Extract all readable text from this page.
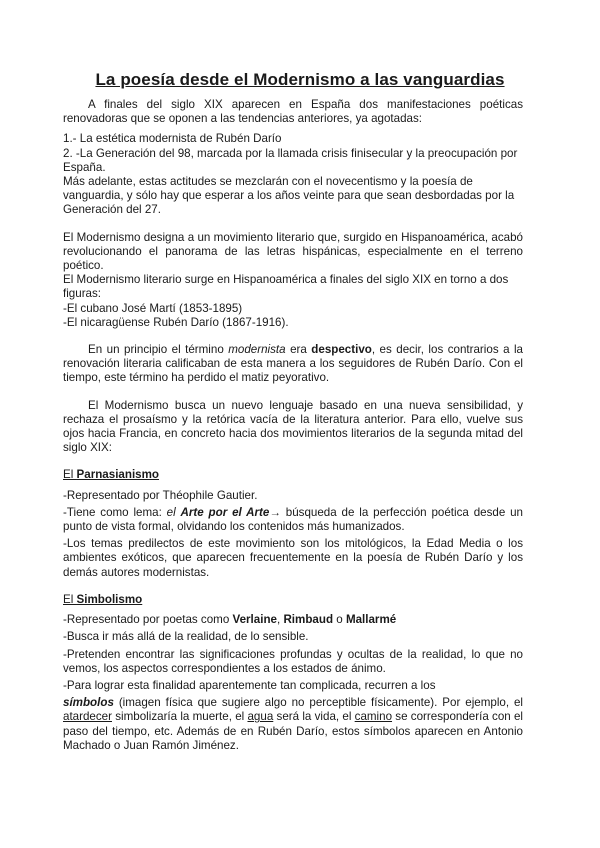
La poesía desde el Modernismo a las vanguardias

A finales del siglo XIX aparecen en España dos manifestaciones poéticas renovadoras que se oponen a las tendencias anteriores, ya agotadas:

1.- La estética modernista de Rubén Darío

2. -La Generación del 98, marcada por la llamada crisis finisecular y la preocupación por España.

Más adelante, estas actitudes se mezclarán con el novecentismo y la poesía de vanguardia, y sólo hay que esperar a los años veinte para que sean desbordadas por la Generación del 27.

El Modernismo designa a un movimiento literario que, surgido en Hispanoamérica, acabó revolucionando el panorama de las letras hispánicas, especialmente en el terreno poético.

El Modernismo literario surge en Hispanoamérica a finales del siglo XIX en torno a dos figuras:

-El cubano José Martí (1853-1895)

-El nicaragüense Rubén Darío (1867-1916).

En un principio el término modernista era despectivo, es decir, los contrarios a la renovación literaria calificaban de esta manera a los seguidores de Rubén Darío. Con el tiempo, este término ha perdido el matiz peyorativo.

El Modernismo busca un nuevo lenguaje basado en una nueva sensibilidad, y rechaza el prosaísmo y la retórica vacía de la literatura anterior. Para ello, vuelve sus ojos hacia Francia, en concreto hacia dos movimientos literarios de la segunda mitad del siglo XIX:

El Parnasianismo

-Representado por Théophile Gautier.

-Tiene como lema: el Arte por el Arte→ búsqueda de la perfección poética desde un punto de vista formal, olvidando los contenidos más humanizados.

-Los temas predilectos de este movimiento son los mitológicos, la Edad Media o los ambientes exóticos, que aparecen frecuentemente en la poesía de Rubén Darío y los demás autores modernistas.

El Simbolismo

-Representado por poetas como Verlaine, Rimbaud o Mallarmé

-Busca ir más allá de la realidad, de lo sensible.

-Pretenden encontrar las significaciones profundas y ocultas de la realidad, lo que no vemos, los aspectos correspondientes a los estados de ánimo.

-Para lograr esta finalidad aparentemente tan complicada, recurren a los

símbolos (imagen física que sugiere algo no perceptible físicamente). Por ejemplo, el atardecer simbolizaría la muerte, el agua será la vida, el camino se correspondería con el paso del tiempo, etc. Además de en Rubén Darío, estos símbolos aparecen en Antonio Machado o Juan Ramón Jiménez.
